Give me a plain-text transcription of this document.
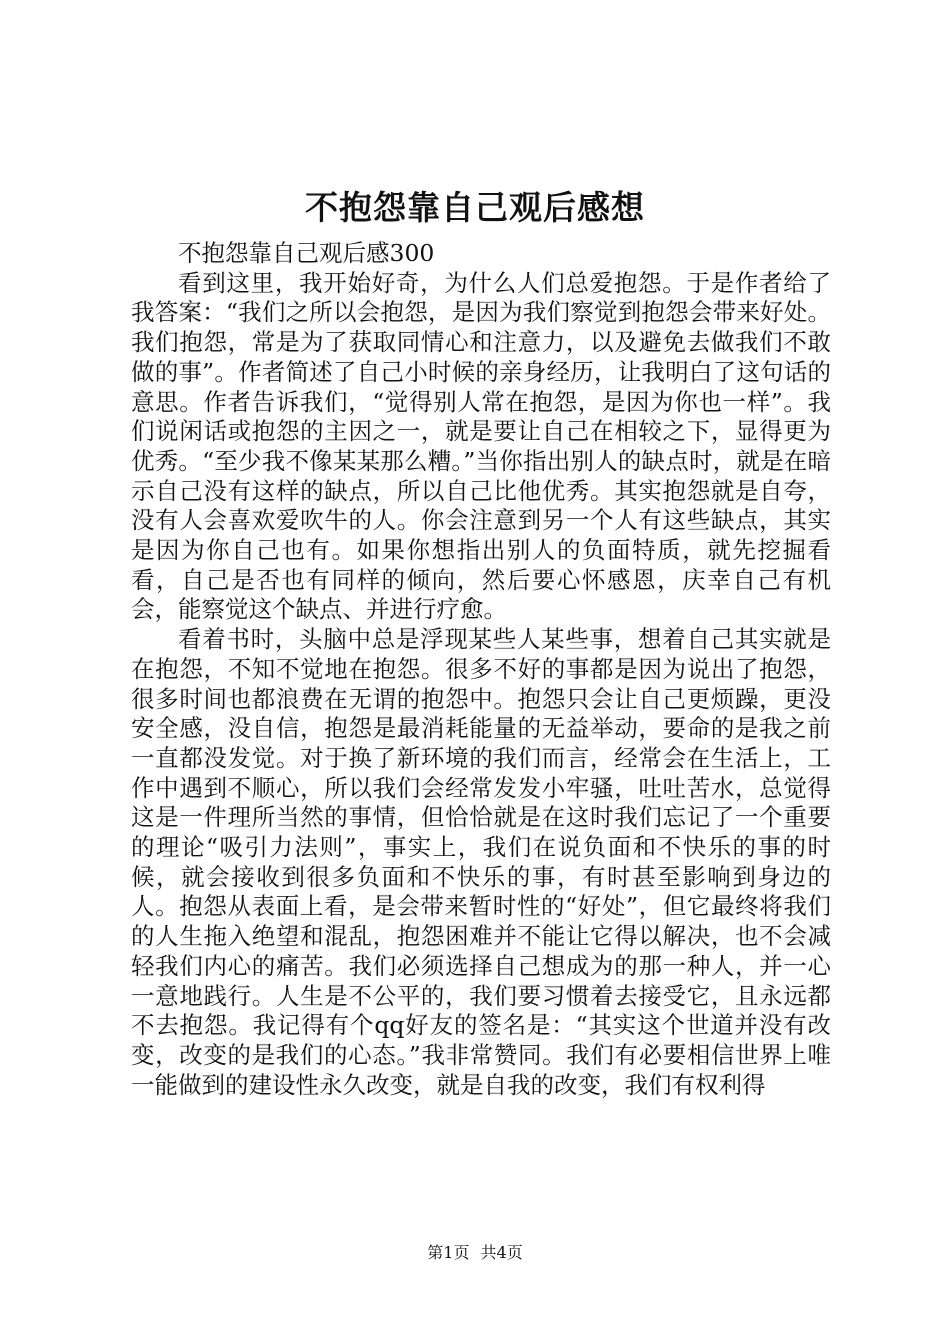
不抱怨靠自己观后感想

不抱怨靠自己观后感300

看到这里，我开始好奇，为什么人们总爱抱怨。于是作者给了我答案：“我们之所以会抱怨，是因为我们察觉到抱怨会带来好处。我们抱怨，常是为了获取同情心和注意力，以及避免去做我们不敢做的事”。作者简述了自己小时候的亲身经历，让我明白了这句话的意思。作者告诉我们，“觉得别人常在抱怨，是因为你也一样”。我们说闲话或抱怨的主因之一，就是要让自己在相较之下，显得更为优秀。“至少我不像某某那么糟。”当你指出别人的缺点时，就是在暗示自己没有这样的缺点，所以自己比他优秀。其实抱怨就是自夸，没有人会喜欢爱吹牛的人。你会注意到另一个人有这些缺点，其实是因为你自己也有。如果你想指出别人的负面特质，就先挖掘看看，自己是否也有同样的倾向，然后要心怀感恩，庆幸自己有机会，能察觉这个缺点、并进行疗愈。

看着书时，头脑中总是浮现某些人某些事，想着自己其实就是在抱怨，不知不觉地在抱怨。很多不好的事都是因为说出了抱怨，很多时间也都浪费在无谓的抱怨中。抱怨只会让自己更烦躁，更没安全感，没自信，抱怨是最消耗能量的无益举动，要命的是我之前一直都没发觉。对于换了新环境的我们而言，经常会在生活上，工作中遇到不顺心，所以我们会经常发发小牢骚，吐吐苦水，总觉得这是一件理所当然的事情，但恰恰就是在这时我们忘记了一个重要的理论“吸引力法则”，事实上，我们在说负面和不快乐的事的时候，就会接收到很多负面和不快乐的事，有时甚至影响到身边的人。抱怨从表面上看，是会带来暂时性的“好处”，但它最终将我们的人生拖入绝望和混乱，抱怨困难并不能让它得以解决，也不会减轻我们内心的痛苦。我们必须选择自己想成为的那一种人，并一心一意地践行。人生是不公平的，我们要习惯着去接受它，且永远都不去抱怨。我记得有个qq好友的签名是：“其实这个世道并没有改变，改变的是我们的心态。”我非常赞同。我们有必要相信世界上唯一能做到的建设性永久改变，就是自我的改变，我们有权利得

第1页 共4页
